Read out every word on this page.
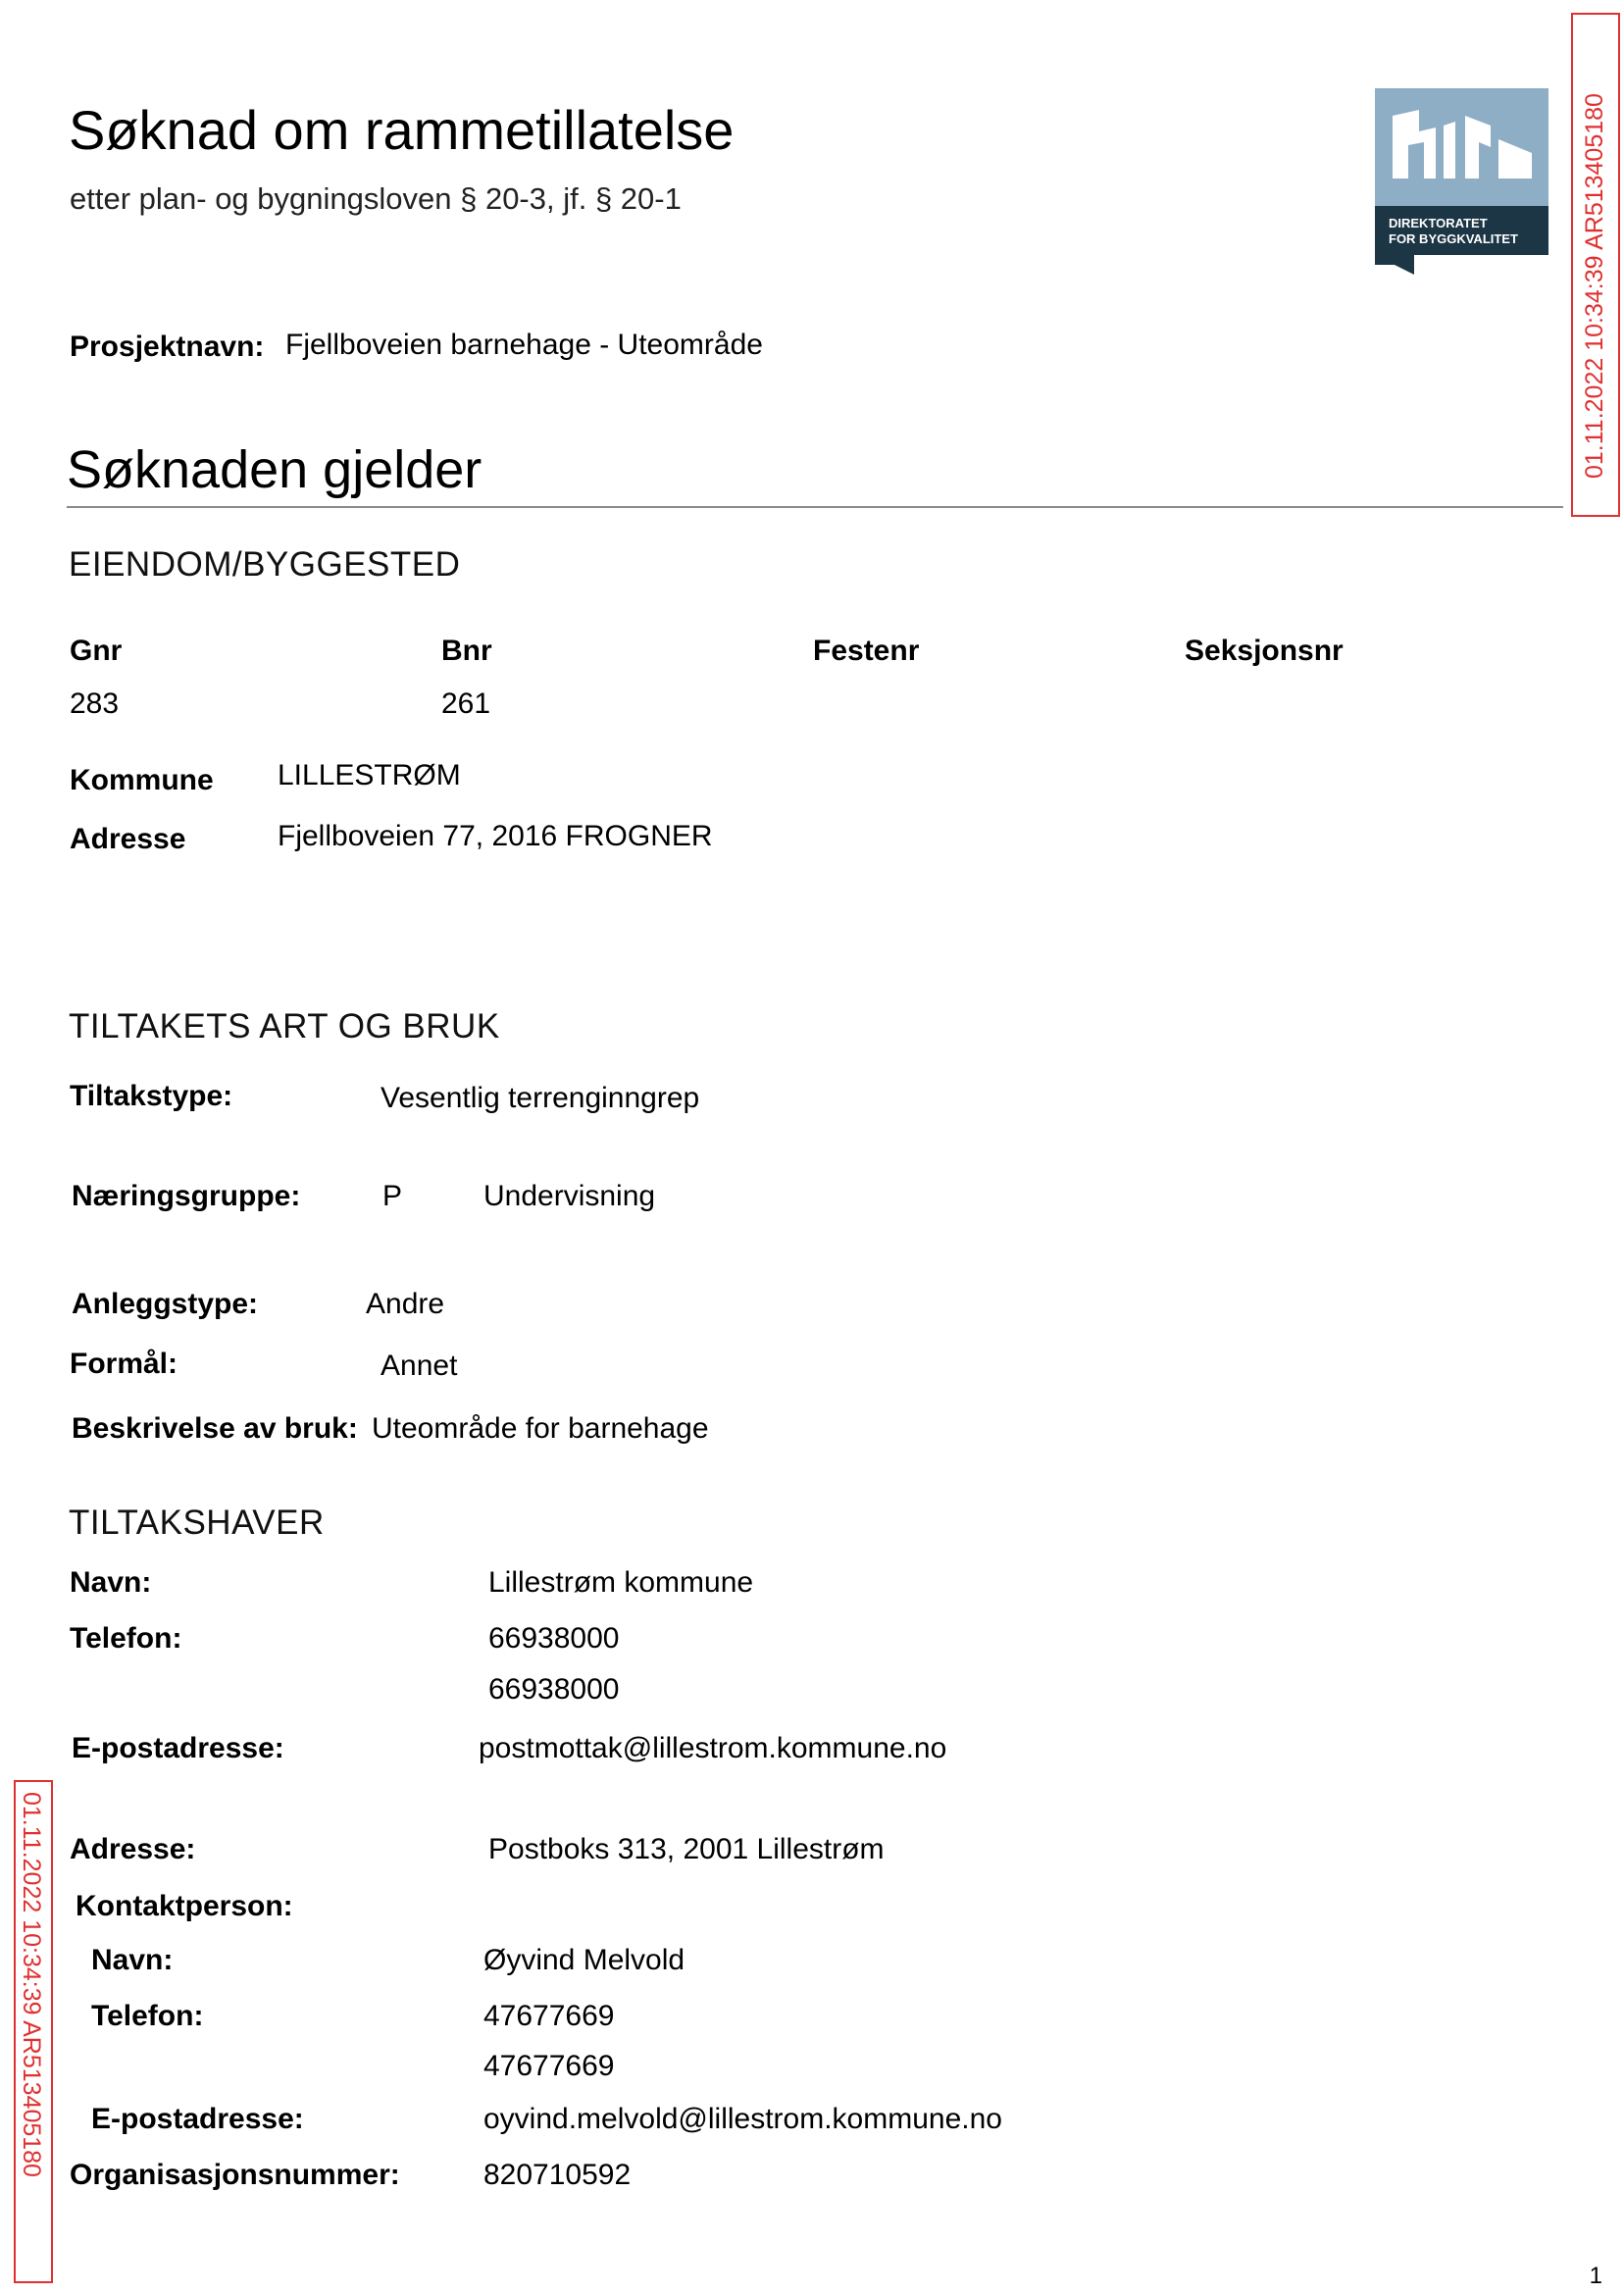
Søknad om rammetillatelse
etter plan- og bygningsloven § 20-3, jf. § 20-1
DIREKTORATET
FOR BYGGKVALITET	01.11.2022 10:34:39 AR513405180
01.11.2022 10:34:39 AR513405180
Prosjektnavn: Fjellboveien barnehage - Uteområde
Søknaden gjelder
EIENDOM/BYGGESTED
Gnr	Bnr	Festenr	Seksjonsnr
283	261
Kommune LILLESTRØM
Adresse	Fjellboveien 77, 2016 FROGNER
TILTAKETS ART OG BRUK
Tiltakstype:	Vesentlig terrenginngrep
Næringsgruppe:	P	Undervisning
Anleggstype:	Andre
Formål:	Annet
Beskrivelse av bruk: Uteområde for barnehage
TILTAKSHAVER
Navn:	Lillestrøm kommune
Telefon:	66938000
66938000
E-postadresse:	postmottak@lillestrom.kommune.no
Adresse:	Postboks 313, 2001 Lillestrøm
Kontaktperson:
Navn:	Øyvind Melvold
Telefon:	47677669
47677669
E-postadresse:	oyvind.melvold@lillestrom.kommune.no
Organisasjonsnummer:	820710592
1
